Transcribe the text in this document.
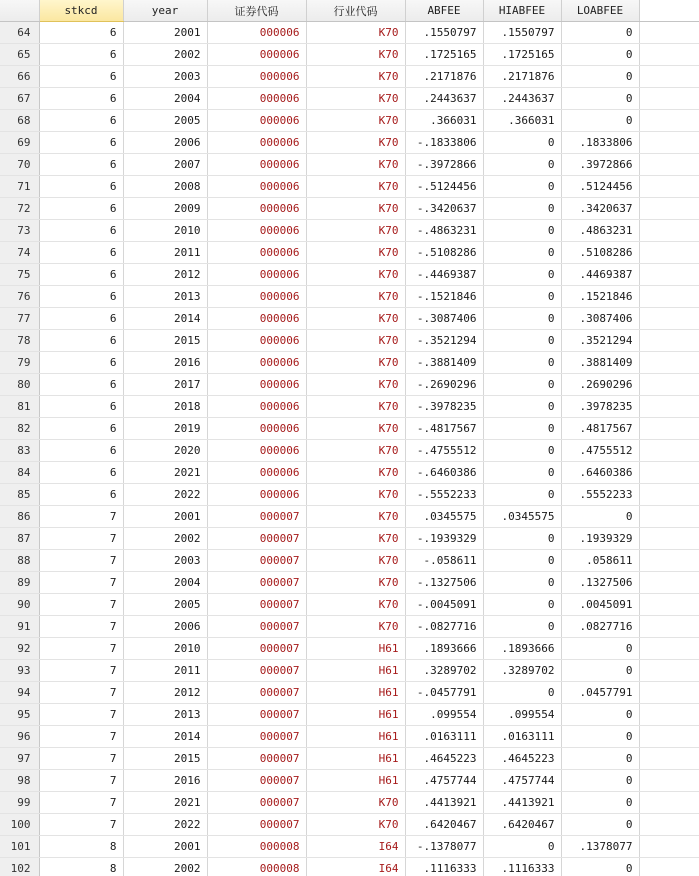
	stkcd	year	证券代码	行业代码	ABFEE	HIABFEE	LOABFEE	
64	6	2001	000006	K70	.1550797	.1550797	0	
65	6	2002	000006	K70	.1725165	.1725165	0	
66	6	2003	000006	K70	.2171876	.2171876	0	
67	6	2004	000006	K70	.2443637	.2443637	0	
68	6	2005	000006	K70	.366031	.366031	0	
69	6	2006	000006	K70	-.1833806	0	.1833806	
70	6	2007	000006	K70	-.3972866	0	.3972866	
71	6	2008	000006	K70	-.5124456	0	.5124456	
72	6	2009	000006	K70	-.3420637	0	.3420637	
73	6	2010	000006	K70	-.4863231	0	.4863231	
74	6	2011	000006	K70	-.5108286	0	.5108286	
75	6	2012	000006	K70	-.4469387	0	.4469387	
76	6	2013	000006	K70	-.1521846	0	.1521846	
77	6	2014	000006	K70	-.3087406	0	.3087406	
78	6	2015	000006	K70	-.3521294	0	.3521294	
79	6	2016	000006	K70	-.3881409	0	.3881409	
80	6	2017	000006	K70	-.2690296	0	.2690296	
81	6	2018	000006	K70	-.3978235	0	.3978235	
82	6	2019	000006	K70	-.4817567	0	.4817567	
83	6	2020	000006	K70	-.4755512	0	.4755512	
84	6	2021	000006	K70	-.6460386	0	.6460386	
85	6	2022	000006	K70	-.5552233	0	.5552233	
86	7	2001	000007	K70	.0345575	.0345575	0	
87	7	2002	000007	K70	-.1939329	0	.1939329	
88	7	2003	000007	K70	-.058611	0	.058611	
89	7	2004	000007	K70	-.1327506	0	.1327506	
90	7	2005	000007	K70	-.0045091	0	.0045091	
91	7	2006	000007	K70	-.0827716	0	.0827716	
92	7	2010	000007	H61	.1893666	.1893666	0	
93	7	2011	000007	H61	.3289702	.3289702	0	
94	7	2012	000007	H61	-.0457791	0	.0457791	
95	7	2013	000007	H61	.099554	.099554	0	
96	7	2014	000007	H61	.0163111	.0163111	0	
97	7	2015	000007	H61	.4645223	.4645223	0	
98	7	2016	000007	H61	.4757744	.4757744	0	
99	7	2021	000007	K70	.4413921	.4413921	0	
100	7	2022	000007	K70	.6420467	.6420467	0	
101	8	2001	000008	I64	-.1378077	0	.1378077	
102	8	2002	000008	I64	.1116333	.1116333	0	
